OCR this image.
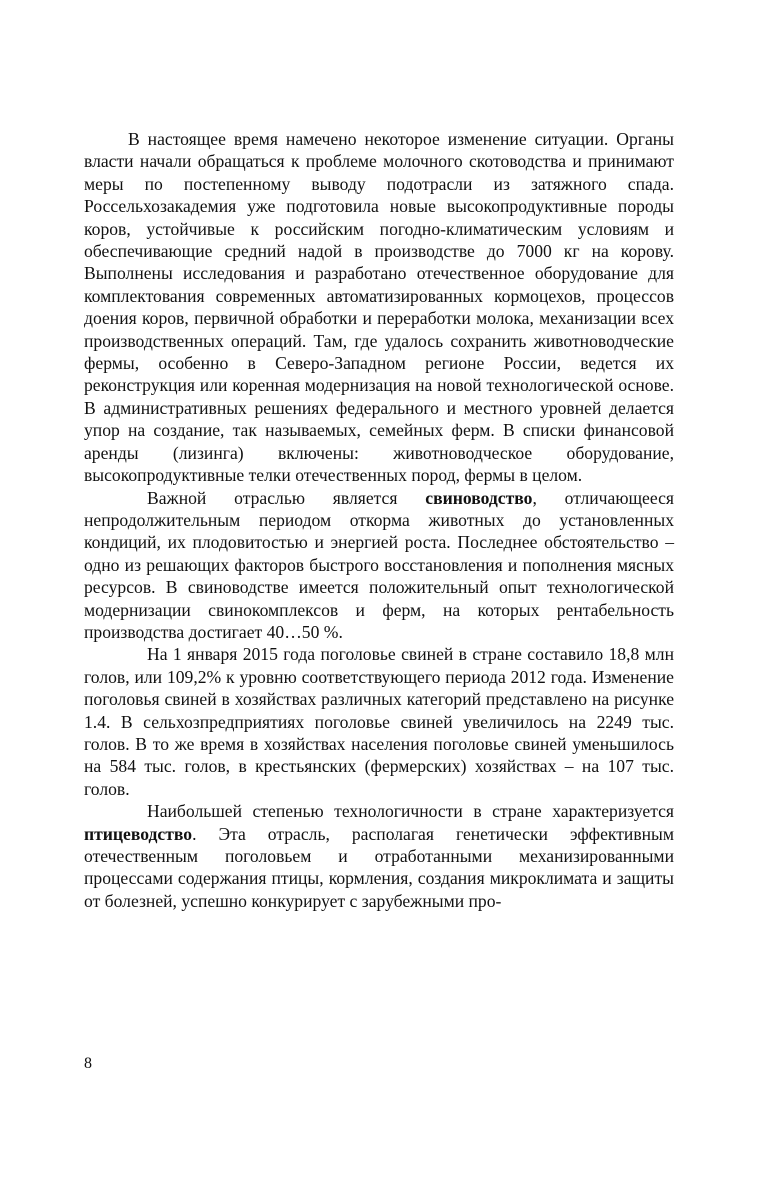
В настоящее время намечено некоторое изменение ситуации. Органы власти начали обращаться к проблеме молочного скотоводства и принимают меры по постепенному выводу подотрасли из затяжного спада. Россельхозакадемия уже подготовила новые высокопродуктивные породы коров, устойчивые к российским погодно-климатическим условиям и обеспечивающие средний надой в производстве до 7000 кг на корову. Выполнены исследования и разработано отечественное оборудование для комплектования современных автоматизированных кормоцехов, процессов доения коров, первичной обработки и переработки молока, механизации всех производственных операций. Там, где удалось сохранить животноводческие фермы, особенно в Северо-Западном регионе России, ведется их реконструкция или коренная модернизация на новой технологической основе. В административных решениях федерального и местного уровней делается упор на создание, так называемых, семейных ферм. В списки финансовой аренды (лизинга) включены: животноводческое оборудование, высокопродуктивные телки отечественных пород, фермы в целом.

Важной отраслью является свиноводство, отличающееся непродолжительным периодом откорма животных до установленных кондиций, их плодовитостью и энергией роста. Последнее обстоятельство – одно из решающих факторов быстрого восстановления и пополнения мясных ресурсов. В свиноводстве имеется положительный опыт технологической модернизации свинокомплексов и ферм, на которых рентабельность производства достигает 40…50 %.

На 1 января 2015 года поголовье свиней в стране составило 18,8 млн голов, или 109,2% к уровню соответствующего периода 2012 года. Изменение поголовья свиней в хозяйствах различных категорий представлено на рисунке 1.4. В сельхозпредприятиях поголовье свиней увеличилось на 2249 тыс. голов. В то же время в хозяйствах населения поголовье свиней уменьшилось на 584 тыс. голов, в крестьянских (фермерских) хозяйствах – на 107 тыс. голов.

Наибольшей степенью технологичности в стране характеризуется птицеводство. Эта отрасль, располагая генетически эффективным отечественным поголовьем и отработанными механизированными процессами содержания птицы, кормления, создания микроклимата и защиты от болезней, успешно конкурирует с зарубежными про-

8
